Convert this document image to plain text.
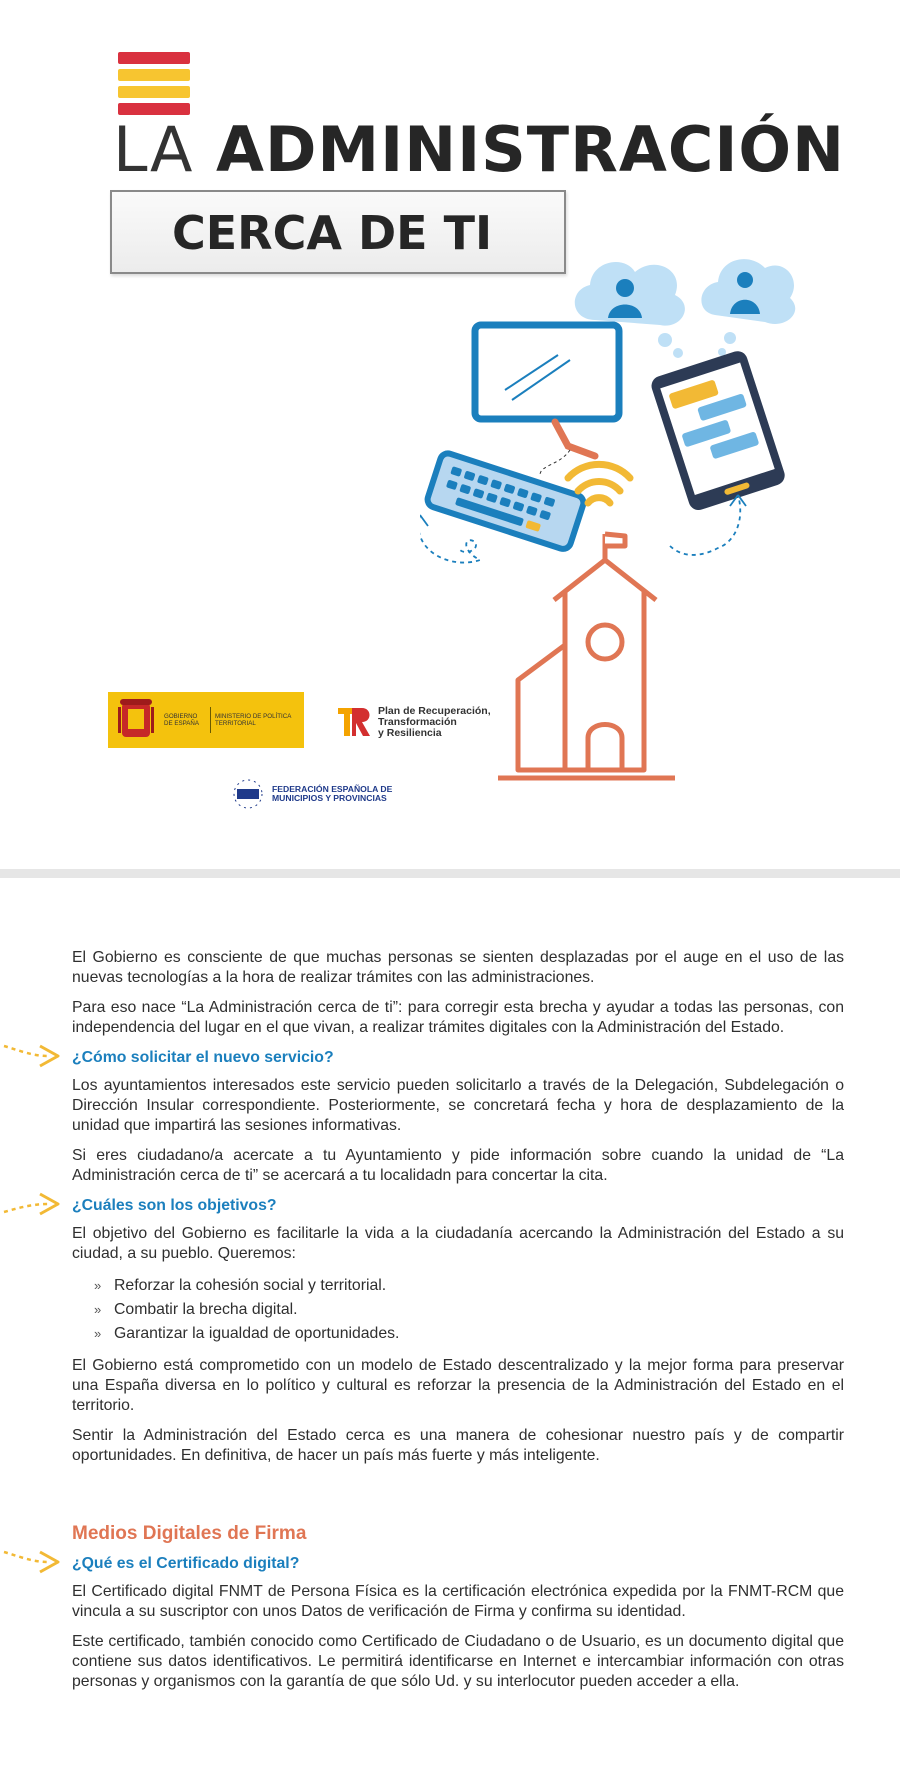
LA ADMINISTRACIÓN
CERCA DE TI
GOBIERNO DE ESPAÑA
MINISTERIO DE POLÍTICA TERRITORIAL
Plan de Recuperación,
Transformación
y Resiliencia
FEDERACIÓN ESPAÑOLA DE
MUNICIPIOS Y PROVINCIAS

El Gobierno es consciente de que muchas personas se sienten desplazadas por el auge en el uso de las nuevas tecnologías a la hora de realizar trámites con las administraciones.

Para eso nace “La Administración cerca de ti”: para corregir esta brecha y ayudar a todas las personas, con independencia del lugar en el que vivan, a realizar trámites digitales con la Administración del Estado.

¿Cómo solicitar el nuevo servicio?

Los ayuntamientos interesados este servicio pueden solicitarlo a través de la Delegación, Subdelegación o Dirección Insular correspondiente. Posteriormente, se concretará fecha y hora de desplazamiento de la unidad que impartirá las sesiones informativas.

Si eres ciudadano/a acercate a tu Ayuntamiento y pide información sobre cuando la unidad de “La Administración cerca de ti” se acercará a tu localidadn para concertar la cita.

¿Cuáles son los objetivos?

El objetivo del Gobierno es facilitarle la vida a la ciudadanía acercando la Administración del Estado a su ciudad, a su pueblo. Queremos:

» Reforzar la cohesión social y territorial.
» Combatir la brecha digital.
» Garantizar la igualdad de oportunidades.

El Gobierno está comprometido con un modelo de Estado descentralizado y la mejor forma para preservar una España diversa en lo político y cultural es reforzar la presencia de la Administración del Estado en el territorio.

Sentir la Administración del Estado cerca es una manera de cohesionar nuestro país y de compartir oportunidades. En definitiva, de hacer un país más fuerte y más inteligente.

Medios Digitales de Firma
¿Qué es el Certificado digital?

El Certificado digital FNMT de Persona Física es la certificación electrónica expedida por la FNMT-RCM que vincula a su suscriptor con unos Datos de verificación de Firma y confirma su identidad.

Este certificado, también conocido como Certificado de Ciudadano o de Usuario, es un documento digital que contiene sus datos identificativos. Le permitirá identificarse en Internet e intercambiar información con otras personas y organismos con la garantía de que sólo Ud. y su interlocutor pueden acceder a ella.
